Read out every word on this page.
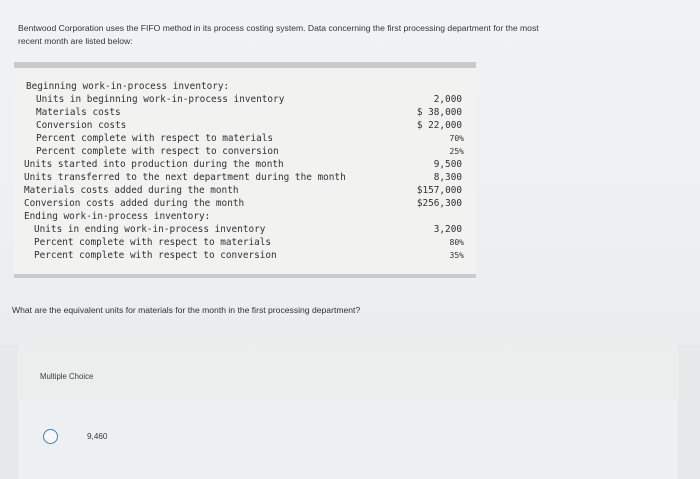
Bentwood Corporation uses the FIFO method in its process costing system. Data concerning the first processing department for the most
recent month are listed below:
Beginning work-in-process inventory:
Units in beginning work-in-process inventory	2,000
Materials costs	$ 38,000
Conversion costs	$ 22,000
Percent complete with respect to materials	70%
Percent complete with respect to conversion	25%
Units started into production during the month	9,500
Units transferred to the next department during the month	8,300
Materials costs added during the month	$157,000
Conversion costs added during the month	$256,300
Ending work-in-process inventory:
Units in ending work-in-process inventory	3,200
Percent complete with respect to materials	80%
Percent complete with respect to conversion	35%
What are the equivalent units for materials for the month in the first processing department?
Multiple Choice
9,460
